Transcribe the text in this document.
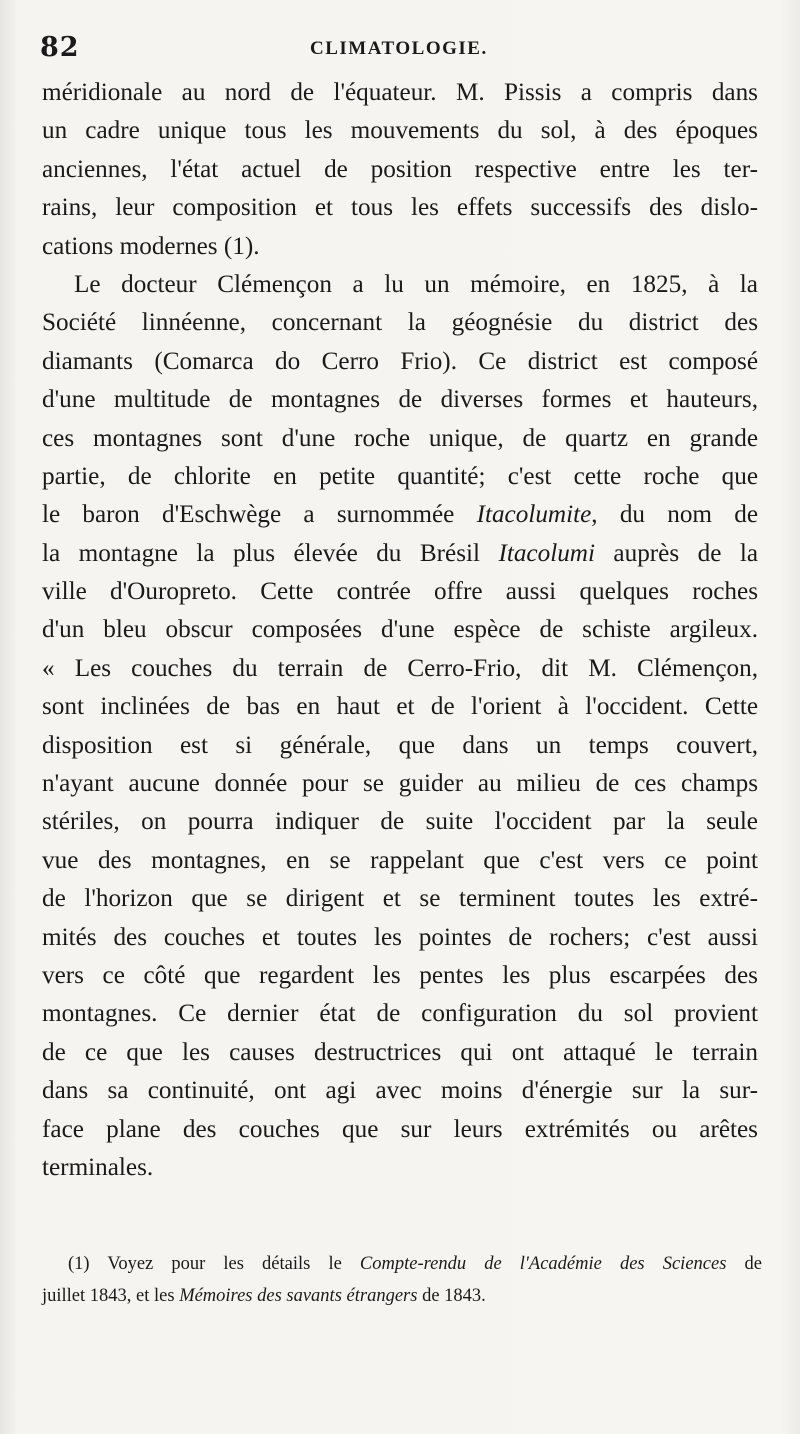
82	CLIMATOLOGIE.
méridionale au nord de l'équateur. M. Pissis a compris dans
un cadre unique tous les mouvements du sol, à des époques
anciennes, l'état actuel de position respective entre les ter-
rains, leur composition et tous les effets successifs des dislo-
cations modernes (1).
Le docteur Clémençon a lu un mémoire, en 1825, à la
Société linnéenne, concernant la géognésie du district des
diamants (Comarca do Cerro Frio). Ce district est composé
d'une multitude de montagnes de diverses formes et hauteurs,
ces montagnes sont d'une roche unique, de quartz en grande
partie, de chlorite en petite quantité; c'est cette roche que
le baron d'Eschwège a surnommée Itacolumite, du nom de
la montagne la plus élevée du Brésil Itacolumi auprès de la
ville d'Ouropreto. Cette contrée offre aussi quelques roches
d'un bleu obscur composées d'une espèce de schiste argileux.
« Les couches du terrain de Cerro-Frio, dit M. Clémençon,
sont inclinées de bas en haut et de l'orient à l'occident. Cette
disposition est si générale, que dans un temps couvert,
n'ayant aucune donnée pour se guider au milieu de ces champs
stériles, on pourra indiquer de suite l'occident par la seule
vue des montagnes, en se rappelant que c'est vers ce point
de l'horizon que se dirigent et se terminent toutes les extré-
mités des couches et toutes les pointes de rochers; c'est aussi
vers ce côté que regardent les pentes les plus escarpées des
montagnes. Ce dernier état de configuration du sol provient
de ce que les causes destructrices qui ont attaqué le terrain
dans sa continuité, ont agi avec moins d'énergie sur la sur-
face plane des couches que sur leurs extrémités ou arêtes
terminales.
(1) Voyez pour les détails le Compte-rendu de l'Académie des Sciences de
juillet 1843, et les Mémoires des savants étrangers de 1843.
